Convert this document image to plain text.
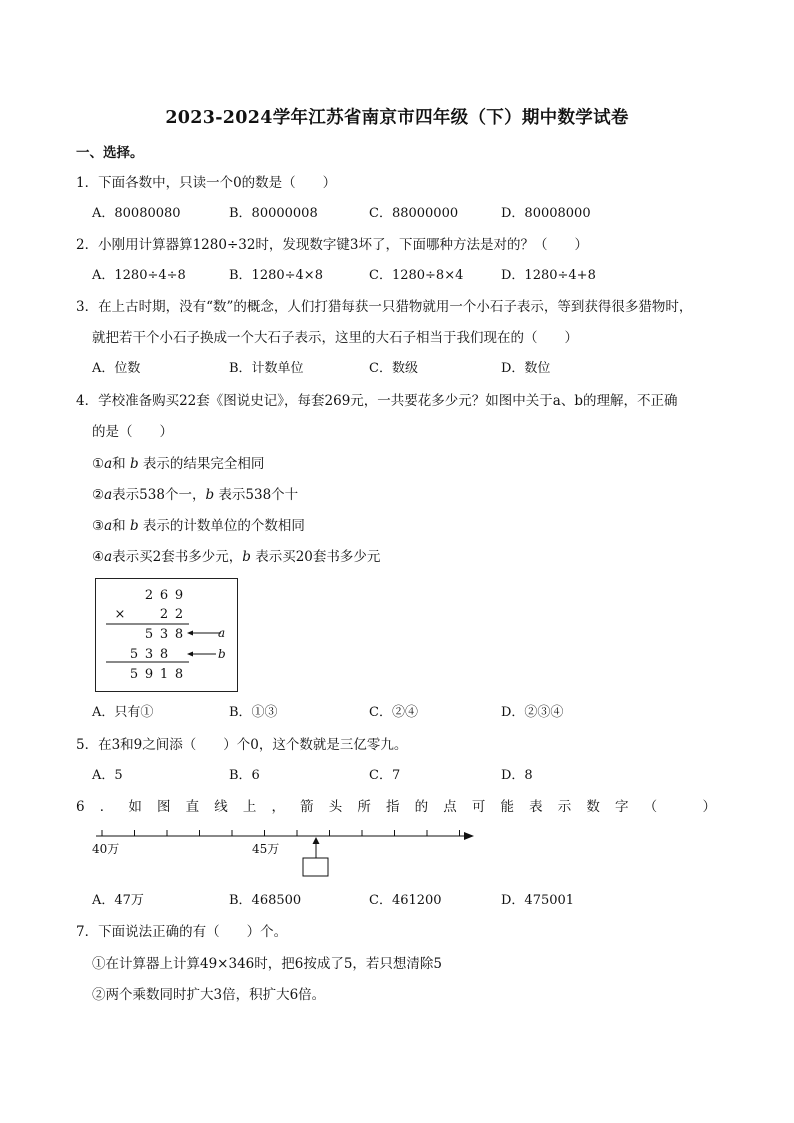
2023-2024学年江苏省南京市四年级（下）期中数学试卷
一、选择。
1．下面各数中，只读一个0的数是（　　）
A．80080080	B．80000008	C．88000000	D．80008000
2．小刚用计算器算1280÷32时，发现数字键3坏了，下面哪种方法是对的？（　　）
A．1280÷4÷8	B．1280÷4×8	C．1280÷8×4	D．1280÷4+8
3．在上古时期，没有“数”的概念，人们打猎每获一只猎物就用一个小石子表示，等到获得很多猎物时，
就把若干个小石子换成一个大石子表示，这里的大石子相当于我们现在的（　　）
A．位数	B．计数单位	C．数级	D．数位
4．学校准备购买22套《图说史记》，每套269元，一共要花多少元？如图中关于a、b的理解，不正确
的是（　　）
①a和 b 表示的结果完全相同
②a表示538个一，b 表示538个十
③a和 b 表示的计数单位的个数相同
④a表示买2套书多少元，b 表示买20套书多少元
2 6 9
×	2 2
5 3 8	a
5 3 8	b
5 9 1 8
A．只有①	B．①③	C．②④	D．②③④
5．在3和9之间添（　　）个0，这个数就是三亿零九。
A．5	B．6	C．7	D．8
6 ． 如 图 直 线 上 ， 箭 头 所 指 的 点 可 能 表 示 数 字 （	）
40万	45万
A．47万	B．468500	C．461200	D．475001
7．下面说法正确的有（　　）个。
①在计算器上计算49×346时，把6按成了5，若只想清除5
②两个乘数同时扩大3倍，积扩大6倍。
